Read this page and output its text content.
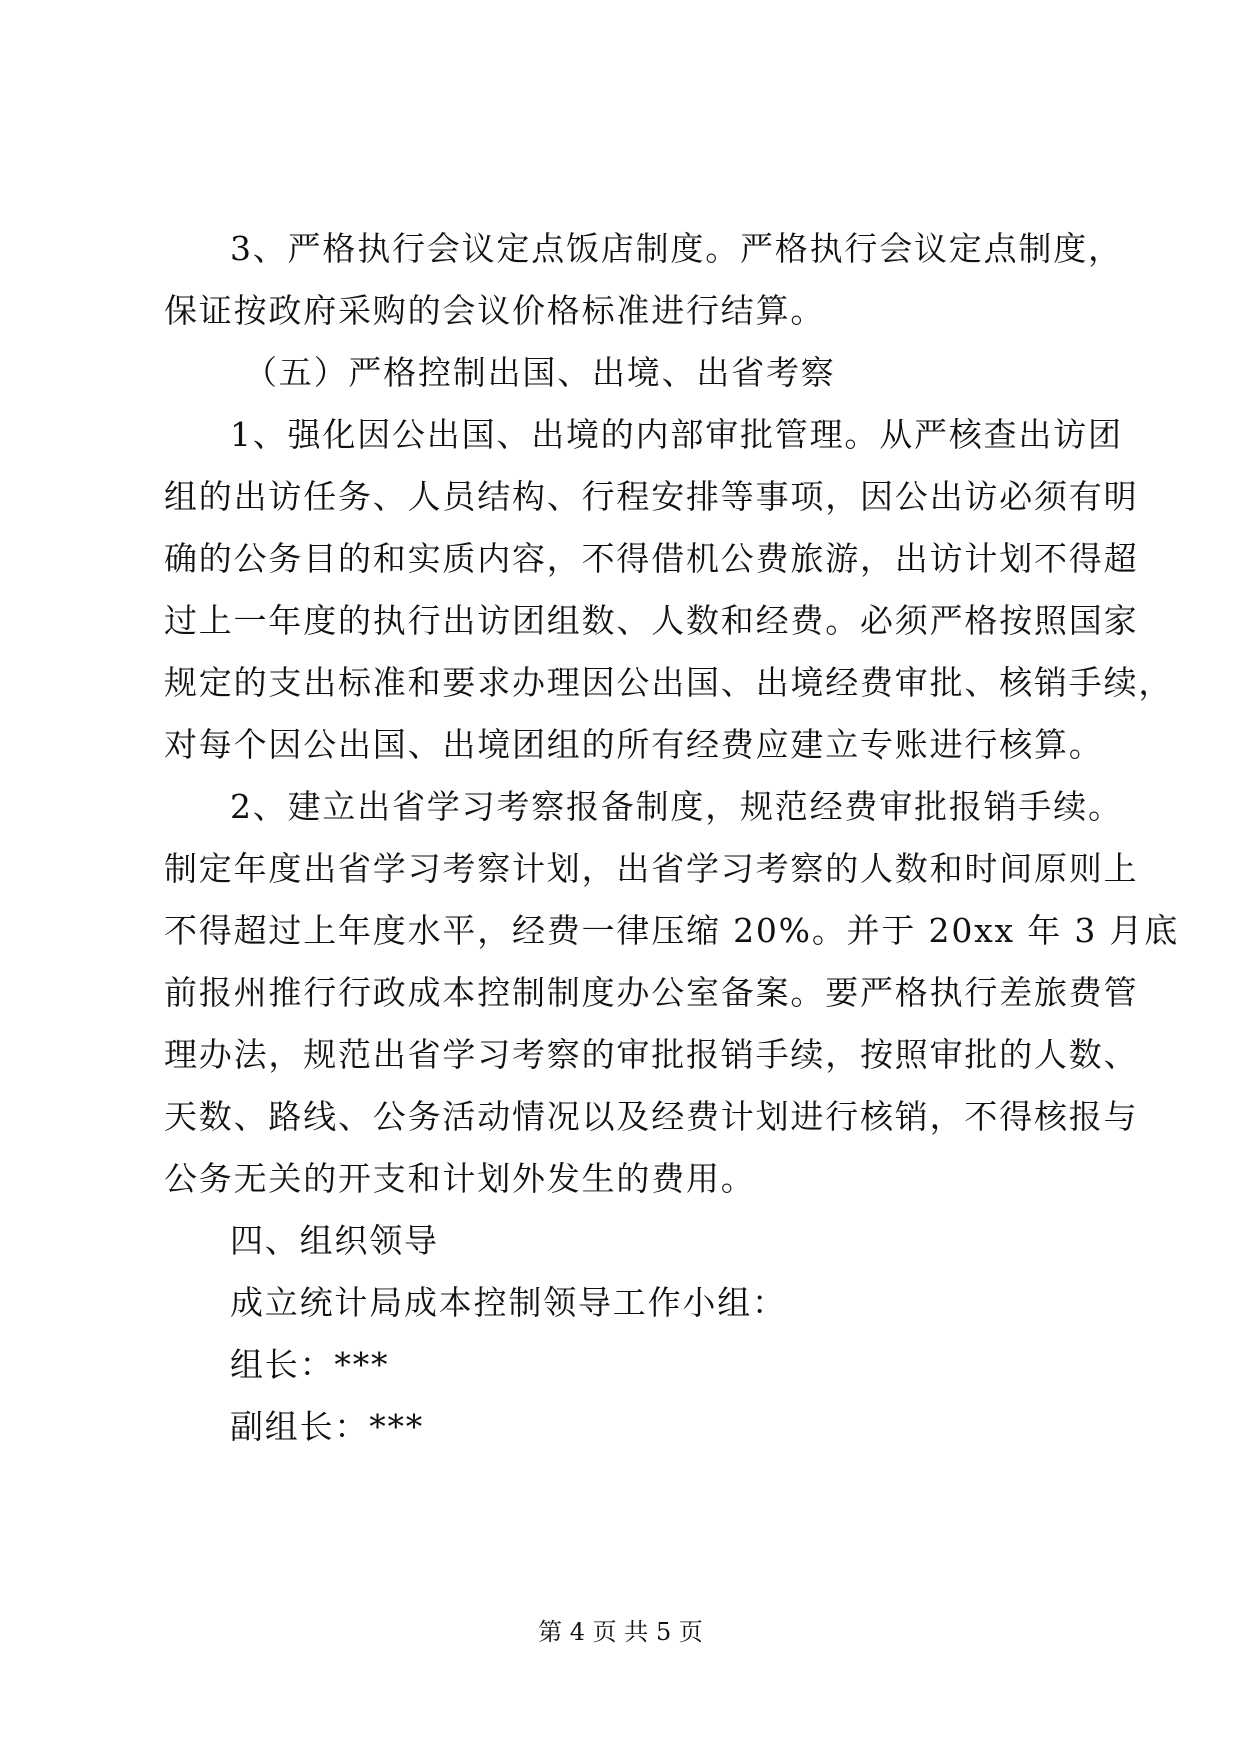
3、严格执行会议定点饭店制度。严格执行会议定点制度，
保证按政府采购的会议价格标准进行结算。
（五）严格控制出国、出境、出省考察
1、强化因公出国、出境的内部审批管理。从严核查出访团
组的出访任务、人员结构、行程安排等事项，因公出访必须有明
确的公务目的和实质内容，不得借机公费旅游，出访计划不得超
过上一年度的执行出访团组数、人数和经费。必须严格按照国家
规定的支出标准和要求办理因公出国、出境经费审批、核销手续，
对每个因公出国、出境团组的所有经费应建立专账进行核算。
2、建立出省学习考察报备制度，规范经费审批报销手续。
制定年度出省学习考察计划，出省学习考察的人数和时间原则上
不得超过上年度水平，经费一律压缩 20%。并于 20xx 年 3 月底
前报州推行行政成本控制制度办公室备案。要严格执行差旅费管
理办法，规范出省学习考察的审批报销手续，按照审批的人数、
天数、路线、公务活动情况以及经费计划进行核销，不得核报与
公务无关的开支和计划外发生的费用。
四、组织领导
成立统计局成本控制领导工作小组：
组长：***
副组长：***
第 4 页 共 5 页
